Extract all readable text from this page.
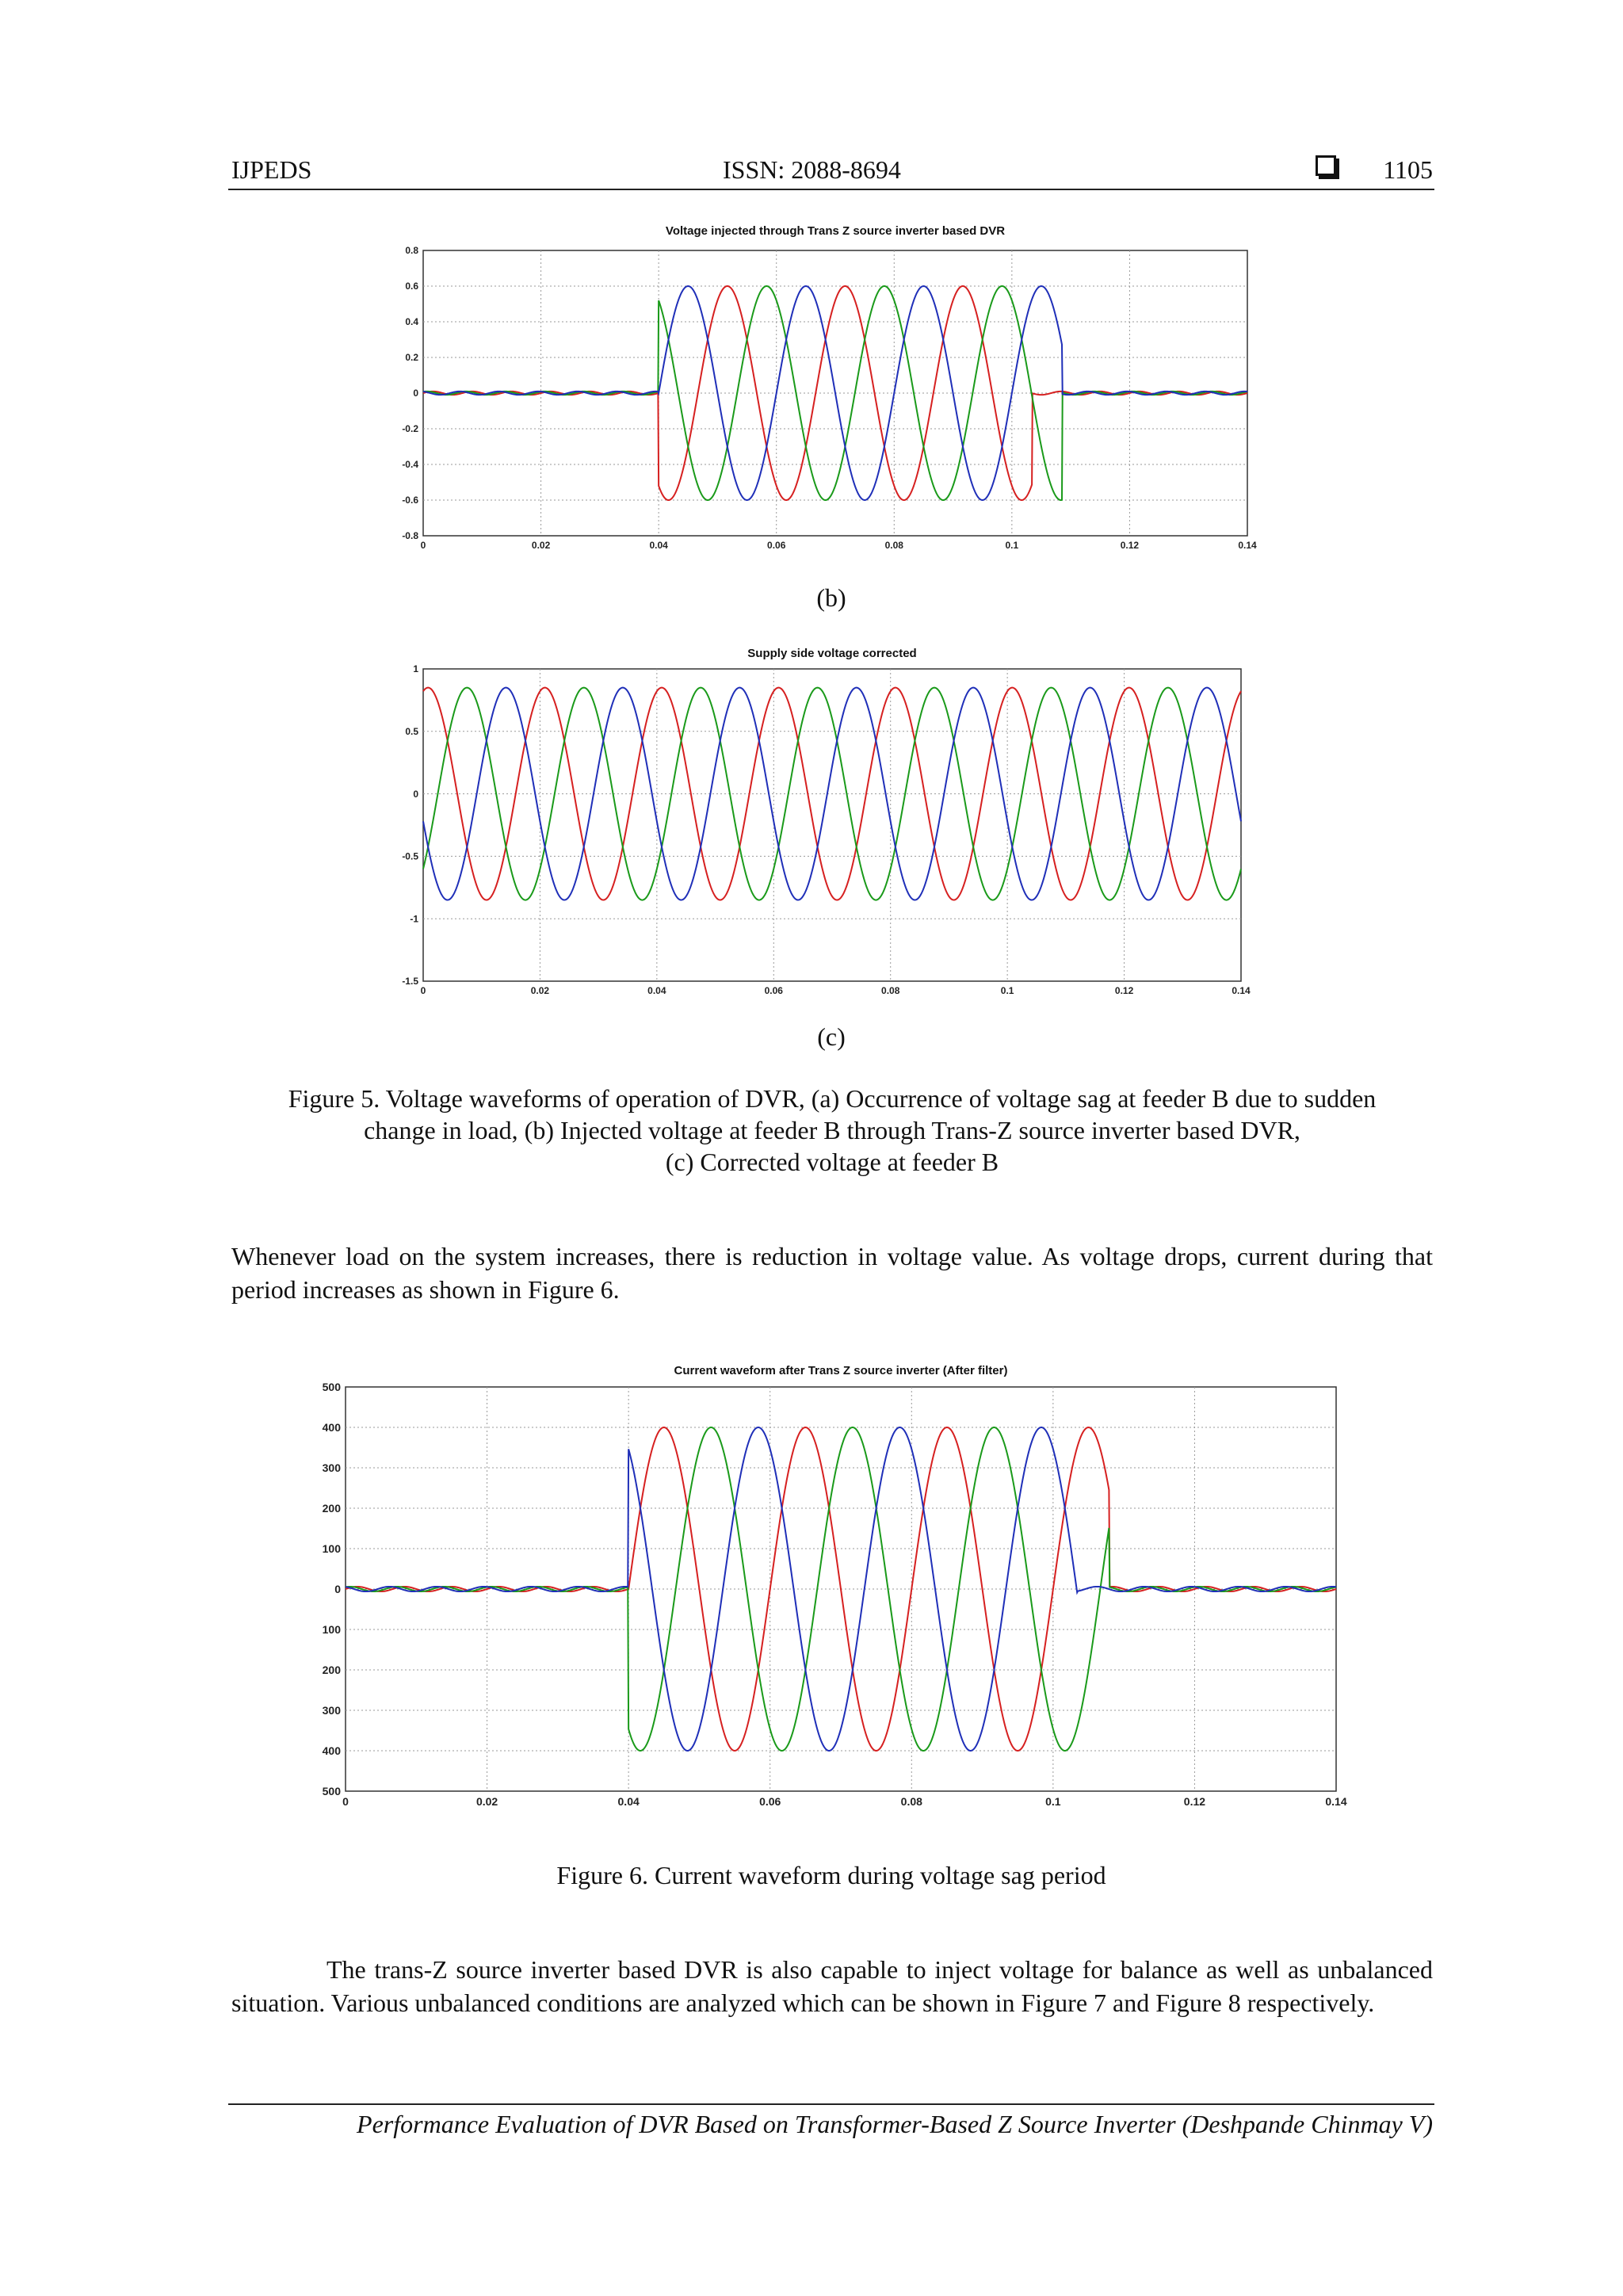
IJPEDS	ISSN: 2088-8694	1105
Voltage injected through Trans Z source inverter based DVR
0	0.02	0.04	0.06	0.08	0.1	0.12	0.14
-0.8
-0.6
-0.4
-0.2
0
0.2
0.4
0.6
0.8
(b)
Supply side voltage corrected
0	0.02	0.04	0.06	0.08	0.1	0.12	0.14
-1.5
-1
-0.5
0
0.5
1
(c)
Figure 5. Voltage waveforms of operation of DVR, (a) Occurrence of voltage sag at feeder B due to sudden
change in load, (b) Injected voltage at feeder B through Trans-Z source inverter based DVR,
(c) Corrected voltage at feeder B
Whenever load on the system increases, there is reduction in voltage value. As voltage drops, current during that period increases as shown in Figure 6.
Current waveform after Trans Z source inverter (After filter)
0	0.02	0.04	0.06	0.08	0.1	0.12	0.14
500
400
300
200
100
0
100
200
300
400
500
Figure 6. Current waveform during voltage sag period
The trans-Z source inverter based DVR is also capable to inject voltage for balance as well as unbalanced situation. Various unbalanced conditions are analyzed which can be shown in Figure 7 and Figure 8 respectively.
Performance Evaluation of DVR Based on Transformer-Based Z Source Inverter (Deshpande Chinmay V)
